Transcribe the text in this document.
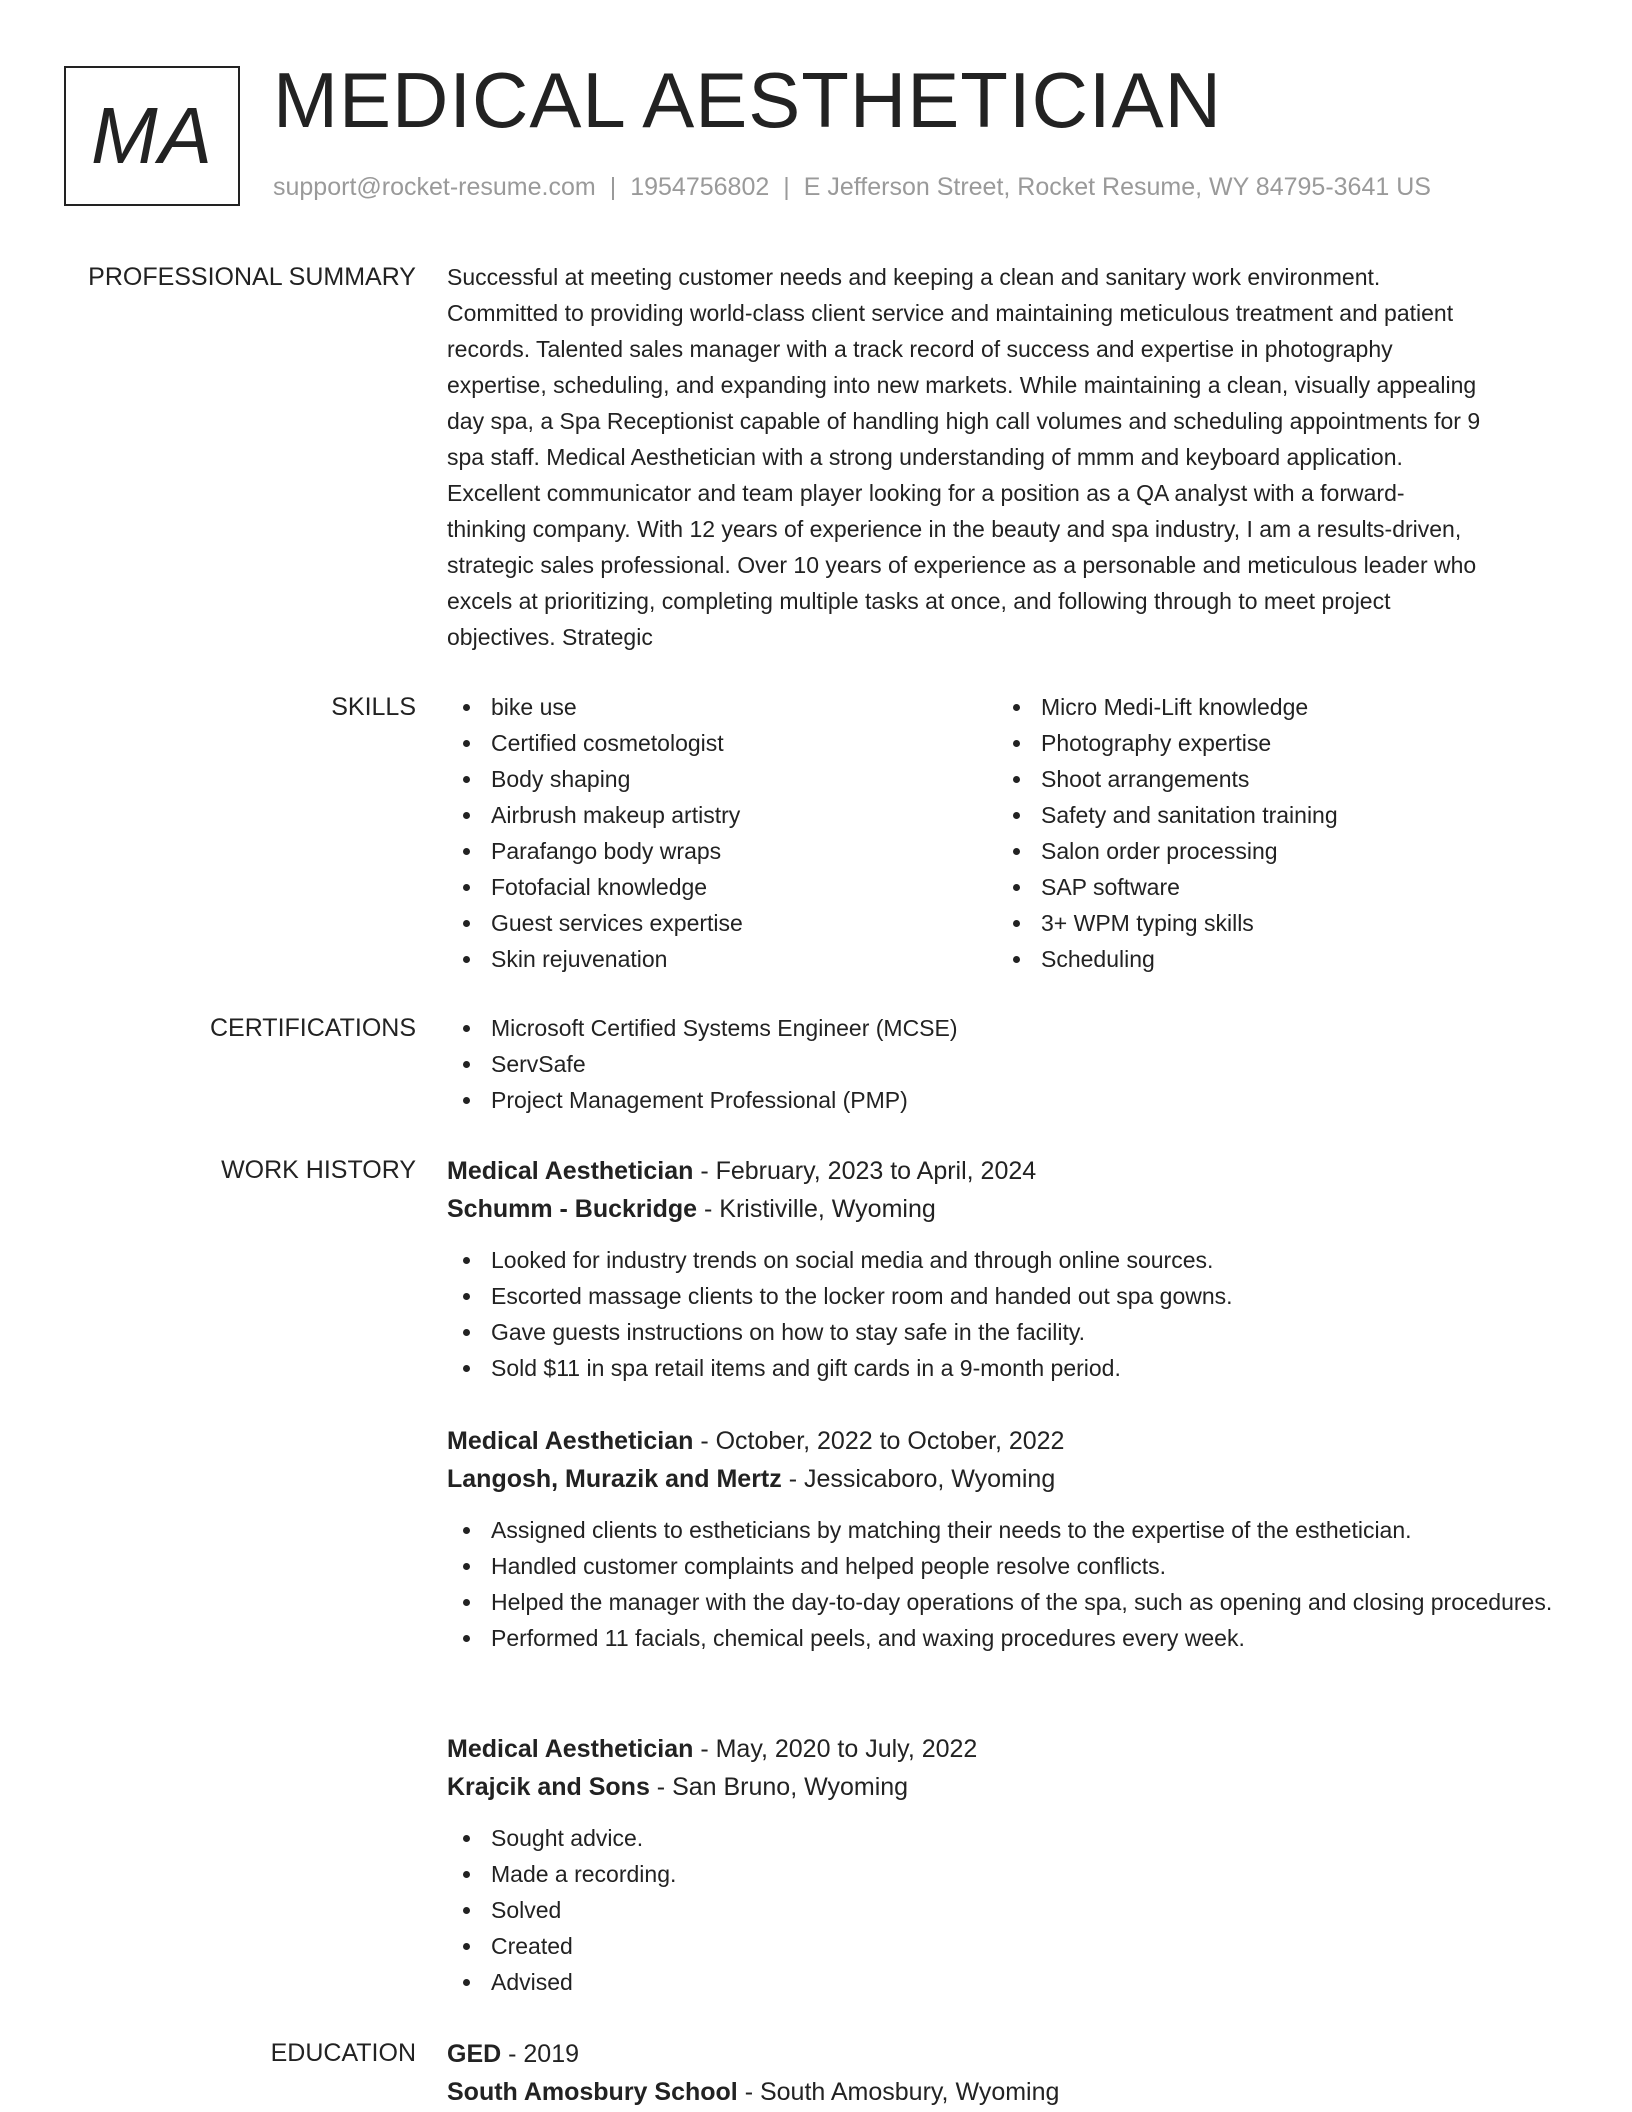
MA MEDICAL AESTHETICIAN
support@rocket-resume.com | 1954756802 | E Jefferson Street, Rocket Resume, WY 84795-3641 US
PROFESSIONAL SUMMARY Successful at meeting customer needs and keeping a clean and sanitary work environment.
Committed to providing world-class client service and maintaining meticulous treatment and patient
records. Talented sales manager with a track record of success and expertise in photography
expertise, scheduling, and expanding into new markets. While maintaining a clean, visually appealing
day spa, a Spa Receptionist capable of handling high call volumes and scheduling appointments for 9
spa staff. Medical Aesthetician with a strong understanding of mmm and keyboard application.
Excellent communicator and team player looking for a position as a QA analyst with a forward-
thinking company. With 12 years of experience in the beauty and spa industry, I am a results-driven,
strategic sales professional. Over 10 years of experience as a personable and meticulous leader who
excels at prioritizing, completing multiple tasks at once, and following through to meet project
objectives. Strategic
SKILLS	bike use
Certified cosmetologist
Body shaping
Airbrush makeup artistry
Parafango body wraps
Fotofacial knowledge
Guest services expertise
Skin rejuvenation
Micro Medi-Lift knowledge
Photography expertise
Shoot arrangements
Safety and sanitation training
Salon order processing
SAP software
3+ WPM typing skills
Scheduling
CERTIFICATIONS	Microsoft Certified Systems Engineer (MCSE)
ServSafe
Project Management Professional (PMP)
WORK HISTORY Medical Aesthetician - February, 2023 to April, 2024
Schumm - Buckridge - Kristiville, Wyoming
Looked for industry trends on social media and through online sources.
Escorted massage clients to the locker room and handed out spa gowns.
Gave guests instructions on how to stay safe in the facility.
Sold $11 in spa retail items and gift cards in a 9-month period.
Medical Aesthetician - October, 2022 to October, 2022
Langosh, Murazik and Mertz - Jessicaboro, Wyoming
Assigned clients to estheticians by matching their needs to the expertise of the esthetician.
Handled customer complaints and helped people resolve conflicts.
Helped the manager with the day-to-day operations of the spa, such as opening and closing procedures.
Performed 11 facials, chemical peels, and waxing procedures every week.
Medical Aesthetician - May, 2020 to July, 2022
Krajcik and Sons - San Bruno, Wyoming
Sought advice.
Made a recording.
Solved
Created
Advised
EDUCATION GED - 2019
South Amosbury School - South Amosbury, Wyoming
